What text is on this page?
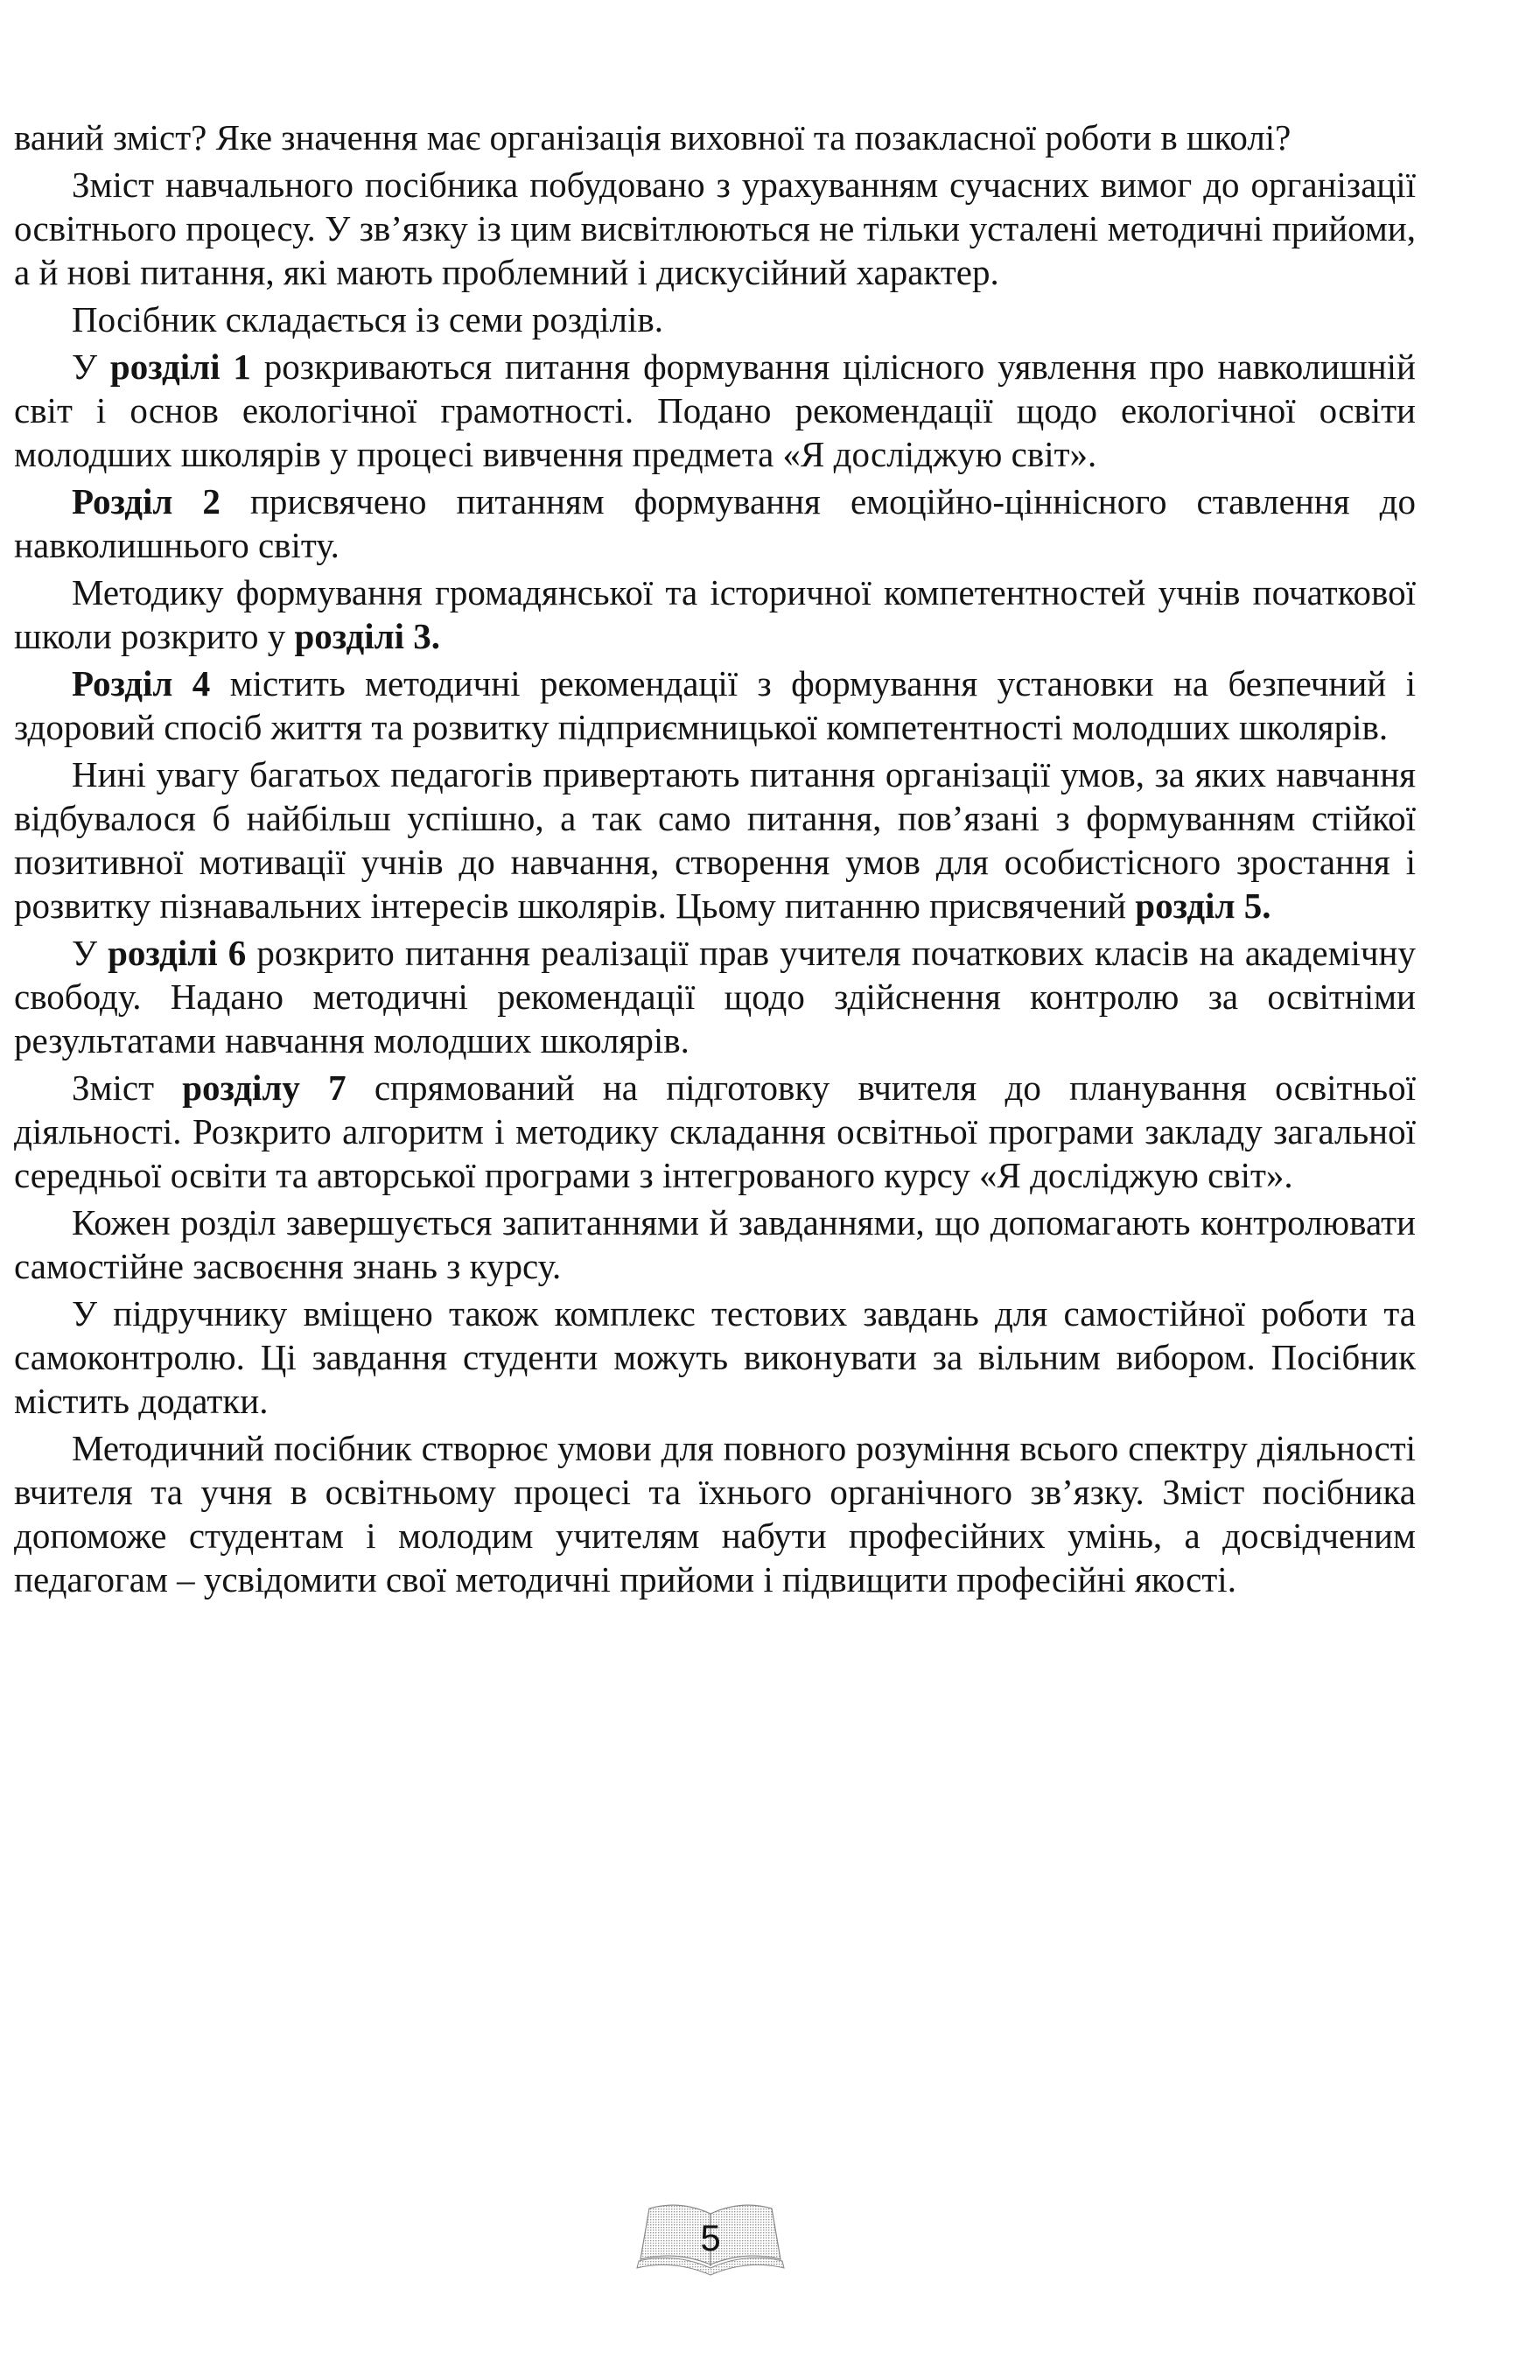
ваний зміст? Яке значення має організація виховної та позакласної роботи в школі?

Зміст навчального посібника побудовано з урахуванням сучасних вимог до організації освітнього процесу. У зв’язку із цим висвітлюються не тільки усталені методичні прийоми, а й нові питання, які мають проблемний і дискусійний характер.

Посібник складається із семи розділів.

У розділі 1 розкриваються питання формування цілісного уявлення про навколишній світ і основ екологічної грамотності. Подано рекомендації щодо екологічної освіти молодших школярів у процесі вивчення предмета «Я досліджую світ».

Розділ 2 присвячено питанням формування емоційно-ціннісного ставлення до навколишнього світу.

Методику формування громадянської та історичної компетентностей учнів початкової школи розкрито у розділі 3.

Розділ 4 містить методичні рекомендації з формування установки на безпечний і здоровий спосіб життя та розвитку підприємницької компетентності молодших школярів.

Нині увагу багатьох педагогів привертають питання організації умов, за яких навчання відбувалося б найбільш успішно, а так само питання, пов’язані з формуванням стійкої позитивної мотивації учнів до навчання, створення умов для особистісного зростання і розвитку пізнавальних інтересів школярів. Цьому питанню присвячений розділ 5.

У розділі 6 розкрито питання реалізації прав учителя початкових класів на академічну свободу. Надано методичні рекомендації щодо здійснення контролю за освітніми результатами навчання молодших школярів.

Зміст розділу 7 спрямований на підготовку вчителя до планування освітньої діяльності. Розкрито алгоритм і методику складання освітньої програми закладу загальної середньої освіти та авторської програми з інтегрованого курсу «Я досліджую світ».

Кожен розділ завершується запитаннями й завданнями, що допомагають контролювати самостійне засвоєння знань з курсу.

У підручнику вміщено також комплекс тестових завдань для самостійної роботи та самоконтролю. Ці завдання студенти можуть виконувати за вільним вибором. Посібник містить додатки.

Методичний посібник створює умови для повного розуміння всього спектру діяльності вчителя та учня в освітньому процесі та їхнього органічного зв’язку. Зміст посібника допоможе студентам і молодим учителям набути професійних умінь, а досвідченим педагогам – усвідомити свої методичні прийоми і підвищити професійні якості.

5
